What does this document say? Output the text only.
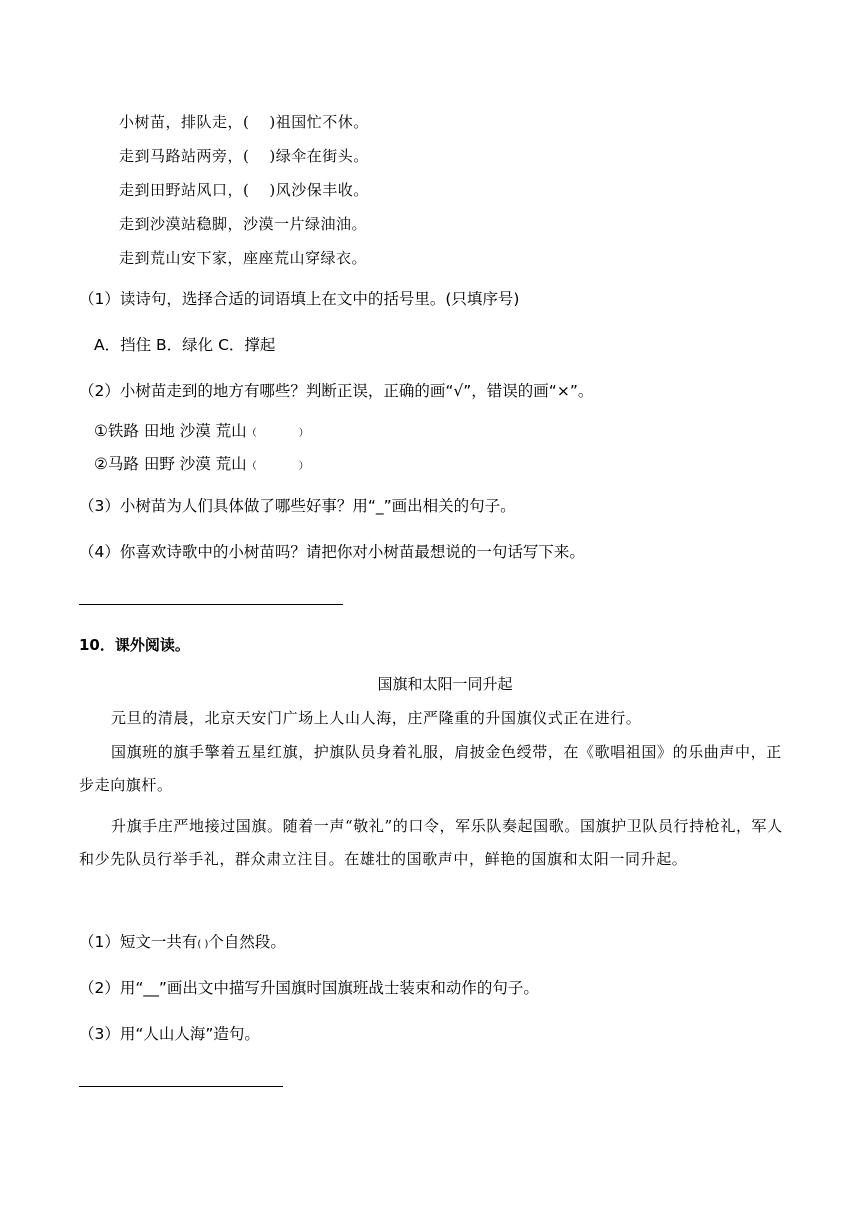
小树苗，排队走，( )祖国忙不休。
走到马路站两旁，( )绿伞在街头。
走到田野站风口，( )风沙保丰收。
走到沙漠站稳脚，沙漠一片绿油油。
走到荒山安下家，座座荒山穿绿衣。
（1）读诗句，选择合适的词语填上在文中的括号里。(只填序号)
A．挡住 B．绿化 C．撑起
（2）小树苗走到的地方有哪些？判断正误，正确的画“√”，错误的画“×”。
①铁路 田地 沙漠 荒山（	）
②马路 田野 沙漠 荒山（	）
（3）小树苗为人们具体做了哪些好事？用“_”画出相关的句子。
（4）你喜欢诗歌中的小树苗吗？请把你对小树苗最想说的一句话写下来。
10．课外阅读。
国旗和太阳一同升起
元旦的清晨，北京天安门广场上人山人海，庄严隆重的升国旗仪式正在进行。
国旗班的旗手擎着五星红旗，护旗队员身着礼服，肩披金色绶带，在《歌唱祖国》的乐曲声中，正步走向旗杆。
升旗手庄严地接过国旗。随着一声“敬礼”的口令，军乐队奏起国歌。国旗护卫队员行持枪礼，军人和少先队员行举手礼，群众肃立注目。在雄壮的国歌声中，鲜艳的国旗和太阳一同升起。
（1）短文一共有( )个自然段。
（2）用“__”画出文中描写升国旗时国旗班战士装束和动作的句子。
（3）用“人山人海”造句。
